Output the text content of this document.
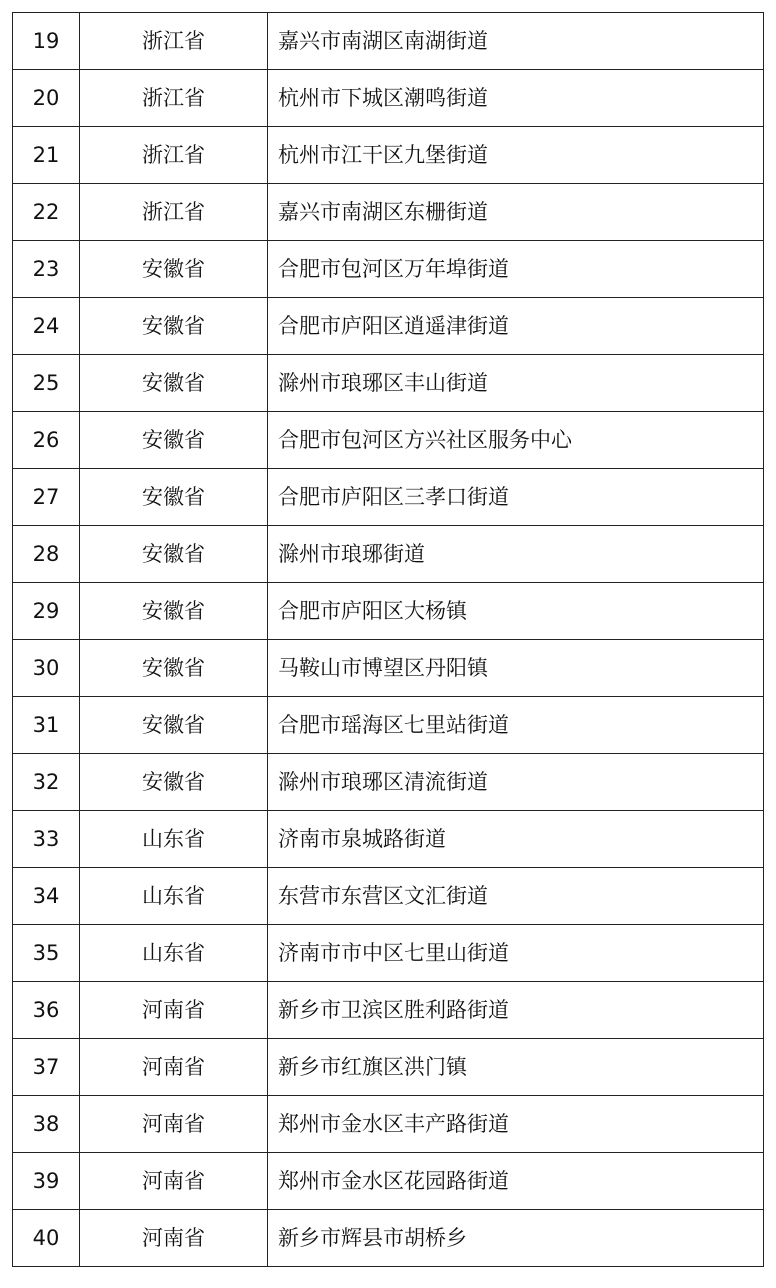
19	浙江省	嘉兴市南湖区南湖街道
20	浙江省	杭州市下城区潮鸣街道
21	浙江省	杭州市江干区九堡街道
22	浙江省	嘉兴市南湖区东栅街道
23	安徽省	合肥市包河区万年埠街道
24	安徽省	合肥市庐阳区逍遥津街道
25	安徽省	滁州市琅琊区丰山街道
26	安徽省	合肥市包河区方兴社区服务中心
27	安徽省	合肥市庐阳区三孝口街道
28	安徽省	滁州市琅琊街道
29	安徽省	合肥市庐阳区大杨镇
30	安徽省	马鞍山市博望区丹阳镇
31	安徽省	合肥市瑶海区七里站街道
32	安徽省	滁州市琅琊区清流街道
33	山东省	济南市泉城路街道
34	山东省	东营市东营区文汇街道
35	山东省	济南市市中区七里山街道
36	河南省	新乡市卫滨区胜利路街道
37	河南省	新乡市红旗区洪门镇
38	河南省	郑州市金水区丰产路街道
39	河南省	郑州市金水区花园路街道
40	河南省	新乡市辉县市胡桥乡
